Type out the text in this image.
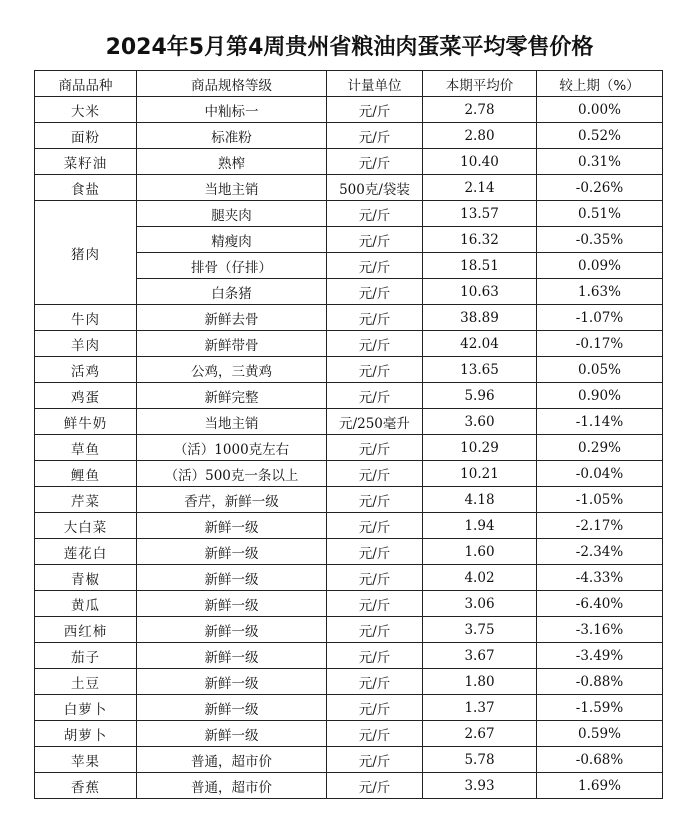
2024年5月第4周贵州省粮油肉蛋菜平均零售价格
商品品种	商品规格等级	计量单位	本期平均价	较上期（%）
大米	中籼标一	元/斤	2.78	0.00%
面粉	标准粉	元/斤	2.80	0.52%
菜籽油	熟榨	元/斤	10.40	0.31%
食盐	当地主销	500克/袋装	2.14	-0.26%
猪肉	腿夹肉	元/斤	13.57	0.51%
	精瘦肉	元/斤	16.32	-0.35%
	排骨（仔排）	元/斤	18.51	0.09%
	白条猪	元/斤	10.63	1.63%
牛肉	新鲜去骨	元/斤	38.89	-1.07%
羊肉	新鲜带骨	元/斤	42.04	-0.17%
活鸡	公鸡，三黄鸡	元/斤	13.65	0.05%
鸡蛋	新鲜完整	元/斤	5.96	0.90%
鲜牛奶	当地主销	元/250毫升	3.60	-1.14%
草鱼	（活）1000克左右	元/斤	10.29	0.29%
鲤鱼	（活）500克一条以上	元/斤	10.21	-0.04%
芹菜	香芹，新鲜一级	元/斤	4.18	-1.05%
大白菜	新鲜一级	元/斤	1.94	-2.17%
莲花白	新鲜一级	元/斤	1.60	-2.34%
青椒	新鲜一级	元/斤	4.02	-4.33%
黄瓜	新鲜一级	元/斤	3.06	-6.40%
西红柿	新鲜一级	元/斤	3.75	-3.16%
茄子	新鲜一级	元/斤	3.67	-3.49%
土豆	新鲜一级	元/斤	1.80	-0.88%
白萝卜	新鲜一级	元/斤	1.37	-1.59%
胡萝卜	新鲜一级	元/斤	2.67	0.59%
苹果	普通，超市价	元/斤	5.78	-0.68%
香蕉	普通，超市价	元/斤	3.93	1.69%
